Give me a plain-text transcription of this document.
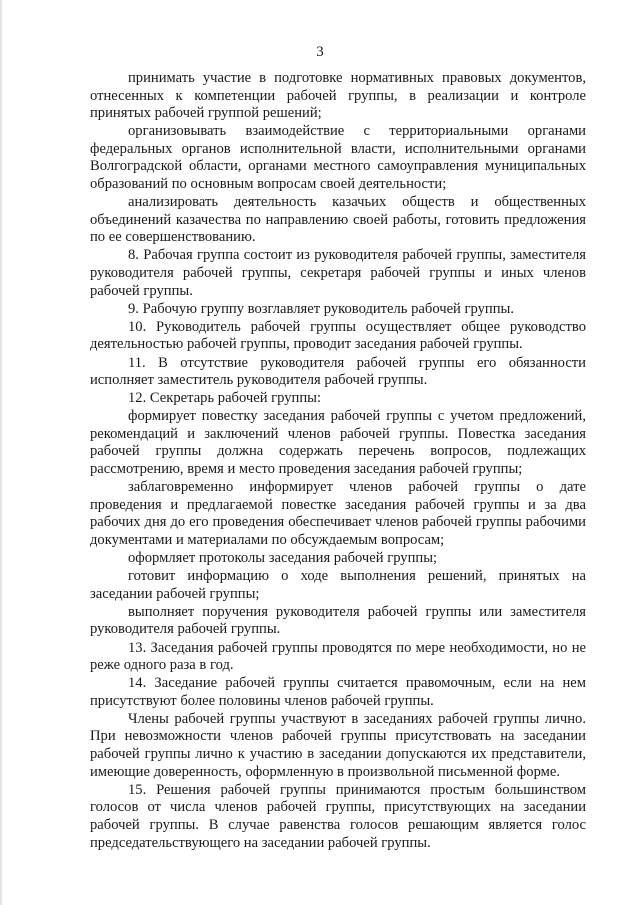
3

принимать участие в подготовке нормативных правовых документов, отнесенных к компетенции рабочей группы, в реализации и контроле принятых рабочей группой решений;

организовывать взаимодействие с территориальными органами федеральных органов исполнительной власти, исполнительными органами Волгоградской области, органами местного самоуправления муниципальных образований по основным вопросам своей деятельности;

анализировать деятельность казачьих обществ и общественных объединений казачества по направлению своей работы, готовить предложения по ее совершенствованию.

8. Рабочая группа состоит из руководителя рабочей группы, заместителя руководителя рабочей группы, секретаря рабочей группы и иных членов рабочей группы.

9. Рабочую группу возглавляет руководитель рабочей группы.

10. Руководитель рабочей группы осуществляет общее руководство деятельностью рабочей группы, проводит заседания рабочей группы.

11. В отсутствие руководителя рабочей группы его обязанности исполняет заместитель руководителя рабочей группы.

12. Секретарь рабочей группы:

формирует повестку заседания рабочей группы с учетом предложений, рекомендаций и заключений членов рабочей группы. Повестка заседания рабочей группы должна содержать перечень вопросов, подлежащих рассмотрению, время и место проведения заседания рабочей группы;

заблаговременно информирует членов рабочей группы о дате проведения и предлагаемой повестке заседания рабочей группы и за два рабочих дня до его проведения обеспечивает членов рабочей группы рабочими документами и материалами по обсуждаемым вопросам;

оформляет протоколы заседания рабочей группы;

готовит информацию о ходе выполнения решений, принятых на заседании рабочей группы;

выполняет поручения руководителя рабочей группы или заместителя руководителя рабочей группы.

13. Заседания рабочей группы проводятся по мере необходимости, но не реже одного раза в год.

14. Заседание рабочей группы считается правомочным, если на нем присутствуют более половины членов рабочей группы.

Члены рабочей группы участвуют в заседаниях рабочей группы лично. При невозможности членов рабочей группы присутствовать на заседании рабочей группы лично к участию в заседании допускаются их представители, имеющие доверенность, оформленную в произвольной письменной форме.

15. Решения рабочей группы принимаются простым большинством голосов от числа членов рабочей группы, присутствующих на заседании рабочей группы. В случае равенства голосов решающим является голос председательствующего на заседании рабочей группы.
